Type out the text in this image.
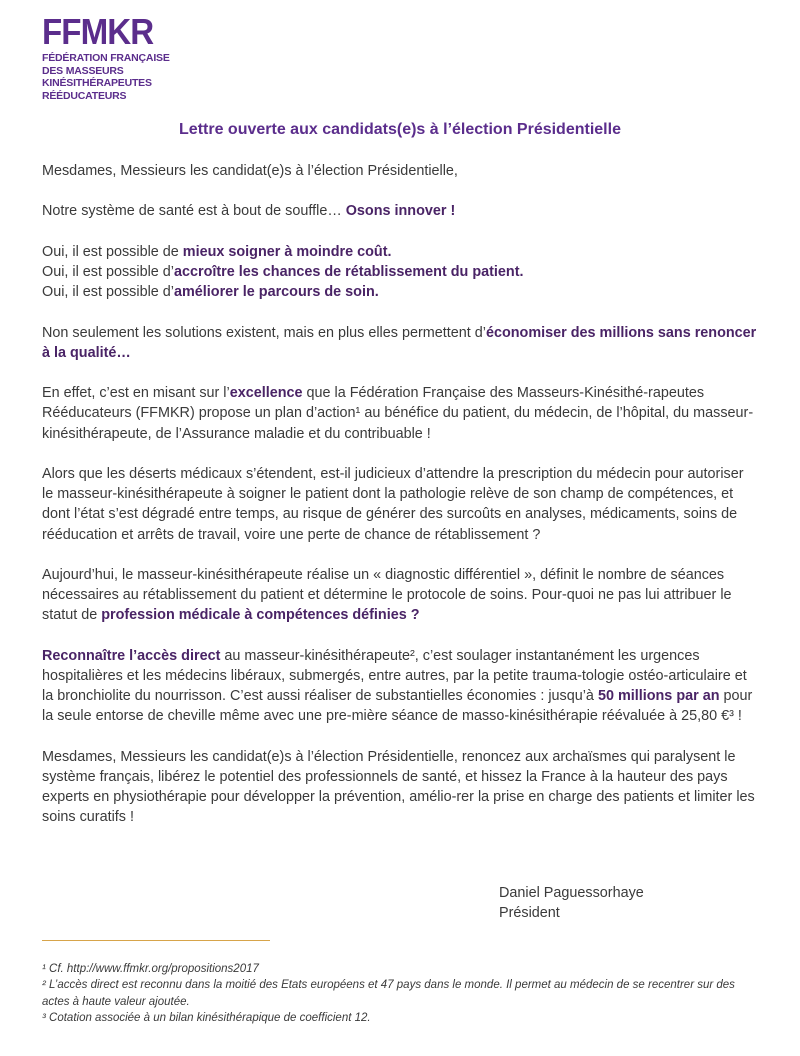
FFMKR
FÉDÉRATION FRANÇAISE
DES MASSEURS
KINÉSITHÉRAPEUTES
RÉÉDUCATEURS
Lettre ouverte aux candidats(e)s à l’élection Présidentielle

Mesdames, Messieurs les candidat(e)s à l’élection Présidentielle,

Notre système de santé est à bout de souffle… Osons innover !

Oui, il est possible de mieux soigner à moindre coût.

Oui, il est possible d’accroître les chances de rétablissement du patient.

Oui, il est possible d’améliorer le parcours de soin.

Non seulement les solutions existent, mais en plus elles permettent d’économiser des millions sans renoncer à la qualité…

En effet, c’est en misant sur l’excellence que la Fédération Française des Masseurs-Kinésithé-rapeutes Rééducateurs (FFMKR) propose un plan d’action¹ au bénéfice du patient, du médecin, de l’hôpital, du masseur-kinésithérapeute, de l’Assurance maladie et du contribuable !

Alors que les déserts médicaux s’étendent, est-il judicieux d’attendre la prescription du médecin pour autoriser le masseur-kinésithérapeute à soigner le patient dont la pathologie relève de son champ de compétences, et dont l’état s’est dégradé entre temps, au risque de générer des surcoûts en analyses, médicaments, soins de rééducation et arrêts de travail, voire une perte de chance de rétablissement ?

Aujourd’hui, le masseur-kinésithérapeute réalise un « diagnostic différentiel », définit le nombre de séances nécessaires au rétablissement du patient et détermine le protocole de soins. Pour-quoi ne pas lui attribuer le statut de profession médicale à compétences définies ?

Reconnaître l’accès direct au masseur-kinésithérapeute², c’est soulager instantanément les urgences hospitalières et les médecins libéraux, submergés, entre autres, par la petite trauma-tologie ostéo-articulaire et la bronchiolite du nourrisson. C’est aussi réaliser de substantielles économies : jusqu’à 50 millions par an pour la seule entorse de cheville même avec une pre-mière séance de masso-kinésithérapie réévaluée à 25,80 €³ !

Mesdames, Messieurs les candidat(e)s à l’élection Présidentielle, renoncez aux archaïsmes qui paralysent le système français, libérez le potentiel des professionnels de santé, et hissez la France à la hauteur des pays experts en physiothérapie pour développer la prévention, amélio-rer la prise en charge des patients et limiter les soins curatifs !

Daniel Paguessorhaye
Président
¹ Cf. http://www.ffmkr.org/propositions2017
² L’accès direct est reconnu dans la moitié des Etats européens et 47 pays dans le monde. Il permet au médecin de se recentrer sur des actes à haute valeur ajoutée.
³ Cotation associée à un bilan kinésithérapique de coefficient 12.
